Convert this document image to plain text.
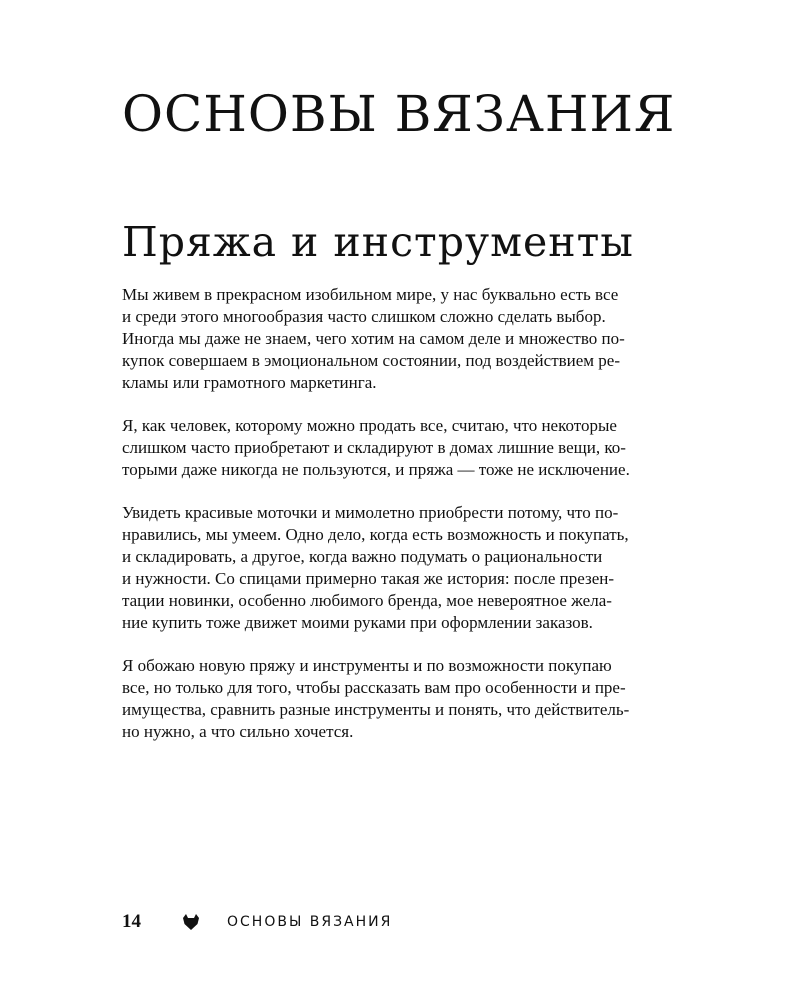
ОСНОВЫ ВЯЗАНИЯ
Пряжа и инструменты

Мы живем в прекрасном изобильном мире, у нас буквально есть все
и среди этого многообразия часто слишком сложно сделать выбор.
Иногда мы даже не знаем, чего хотим на самом деле и множество по-
купок совершаем в эмоциональном состоянии, под воздействием ре-
кламы или грамотного маркетинга.

Я, как человек, которому можно продать все, считаю, что некоторые
слишком часто приобретают и складируют в домах лишние вещи, ко-
торыми даже никогда не пользуются, и пряжа — тоже не исключение.

Увидеть красивые моточки и мимолетно приобрести потому, что по-
нравились, мы умеем. Одно дело, когда есть возможность и покупать,
и складировать, а другое, когда важно подумать о рациональности
и нужности. Со спицами примерно такая же история: после презен-
тации новинки, особенно любимого бренда, мое невероятное жела-
ние купить тоже движет моими руками при оформлении заказов.

Я обожаю новую пряжу и инструменты и по возможности покупаю
все, но только для того, чтобы рассказать вам про особенности и пре-
имущества, сравнить разные инструменты и понять, что действитель-
но нужно, а что сильно хочется.

14	ОСНОВЫ ВЯЗАНИЯ
